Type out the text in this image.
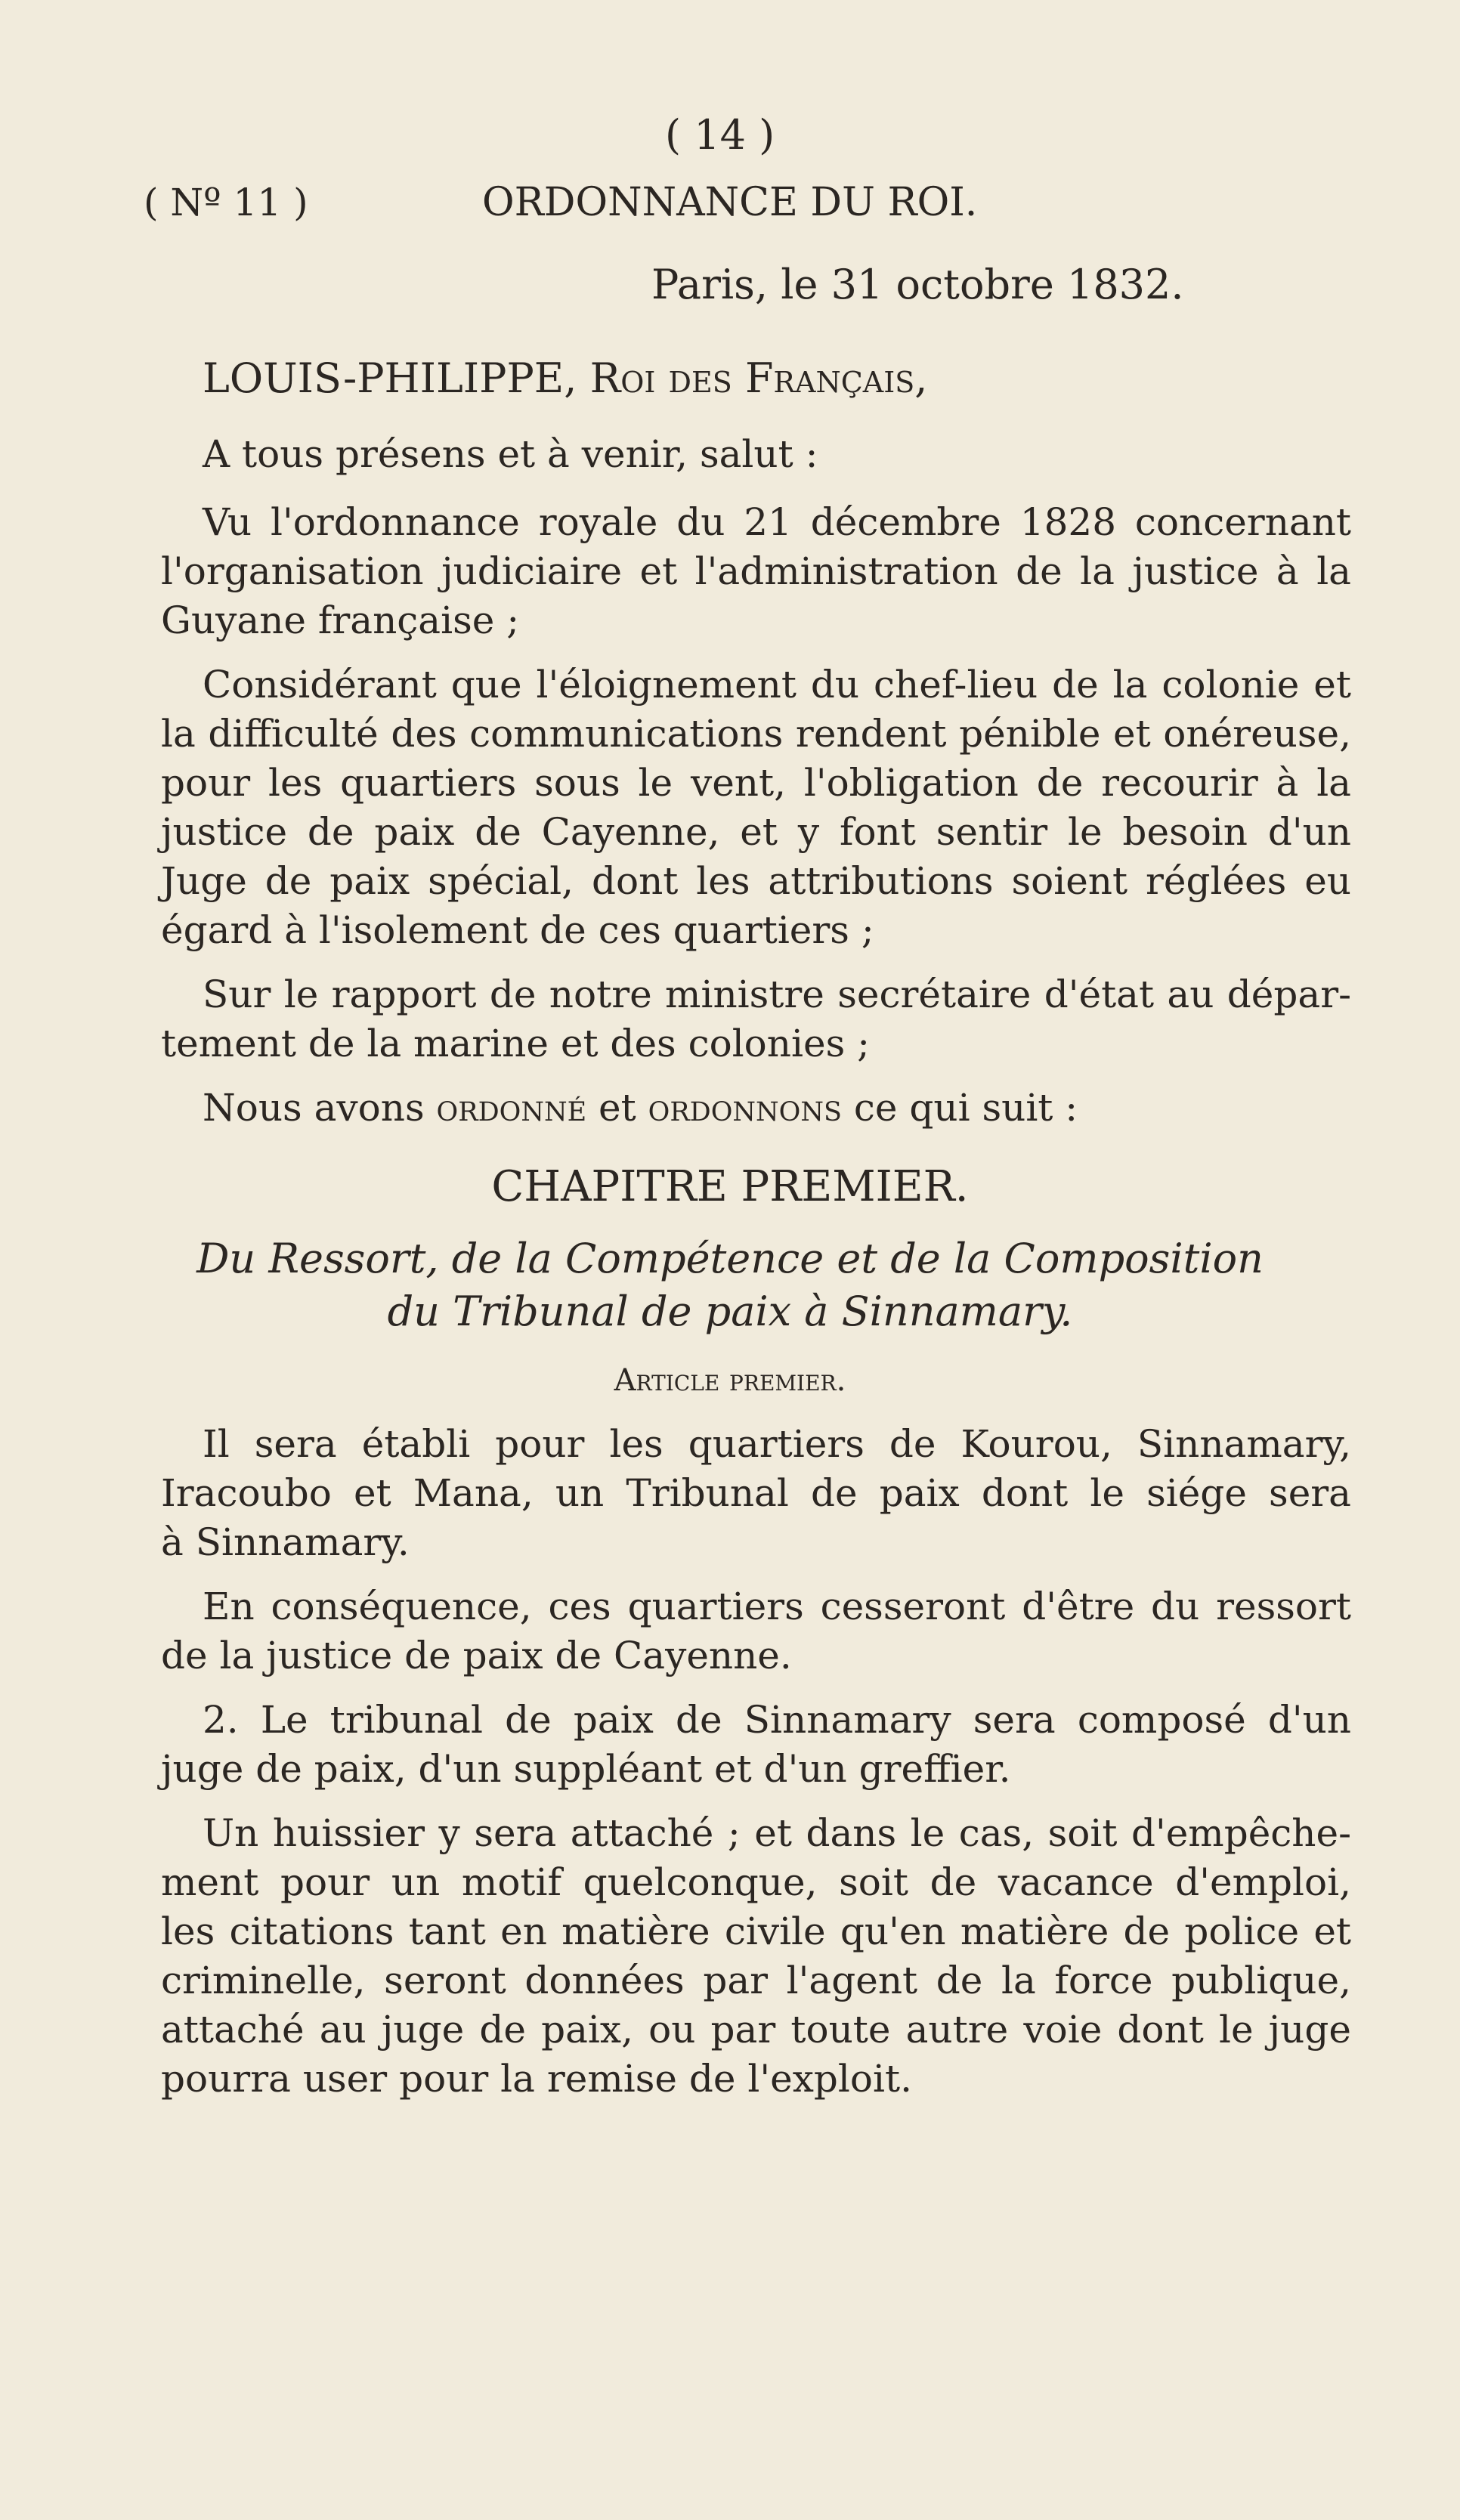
( 14 )
( Nº 11 )	ORDONNANCE DU ROI.
Paris, le 31 octobre 1832.
LOUIS-PHILIPPE, Roi des Français,
A tous présens et à venir, salut :
Vu l'ordonnance royale du 21 décembre 1828 concernant
l'organisation judiciaire et l'administration de la justice à la
Guyane française ;
Considérant que l'éloignement du chef-lieu de la colonie et
la difficulté des communications rendent pénible et onéreuse,
pour les quartiers sous le vent, l'obligation de recourir à la
justice de paix de Cayenne, et y font sentir le besoin d'un
Juge de paix spécial, dont les attributions soient réglées eu
égard à l'isolement de ces quartiers ;
Sur le rapport de notre ministre secrétaire d'état au dépar-
tement de la marine et des colonies ;
Nous avons ordonné et ordonnons ce qui suit :
CHAPITRE PREMIER.
Du Ressort, de la Compétence et de la Composition
du Tribunal de paix à Sinnamary.
Article premier.
Il sera établi pour les quartiers de Kourou, Sinnamary,
Iracoubo et Mana, un Tribunal de paix dont le siége sera
à Sinnamary.
En conséquence, ces quartiers cesseront d'être du ressort
de la justice de paix de Cayenne.
2. Le tribunal de paix de Sinnamary sera composé d'un
juge de paix, d'un suppléant et d'un greffier.
Un huissier y sera attaché ; et dans le cas, soit d'empêche-
ment pour un motif quelconque, soit de vacance d'emploi,
les citations tant en matière civile qu'en matière de police et
criminelle, seront données par l'agent de la force publique,
attaché au juge de paix, ou par toute autre voie dont le juge
pourra user pour la remise de l'exploit.
